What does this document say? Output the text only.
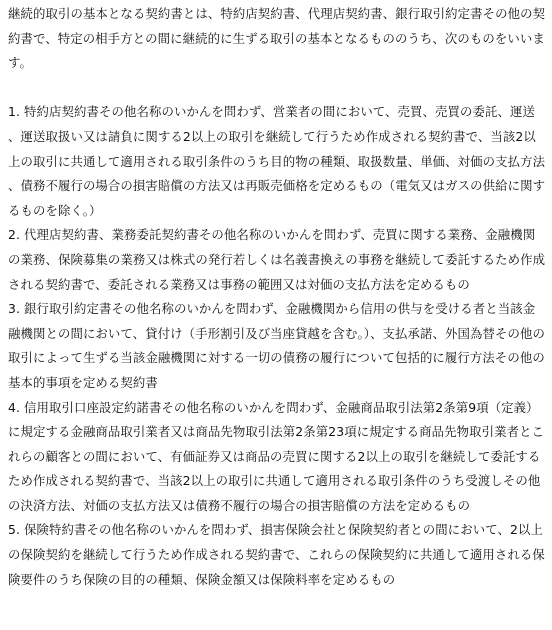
継続的取引の基本となる契約書とは、特約店契約書、代理店契約書、銀行取引約定書その他の契約書で、特定の相手方との間に継続的に生ずる取引の基本となるもののうち、次のものをいいます。

1. 特約店契約書その他名称のいかんを問わず、営業者の間において、売買、売買の委託、運送、運送取扱い又は請負に関する2以上の取引を継続して行うため作成される契約書で、当該2以上の取引に共通して適用される取引条件のうち目的物の種類、取扱数量、単価、対価の支払方法、債務不履行の場合の損害賠償の方法又は再販売価格を定めるもの（電気又はガスの供給に関するものを除く。）

2. 代理店契約書、業務委託契約書その他名称のいかんを問わず、売買に関する業務、金融機関の業務、保険募集の業務又は株式の発行若しくは名義書換えの事務を継続して委託するため作成される契約書で、委託される業務又は事務の範囲又は対価の支払方法を定めるもの

3. 銀行取引約定書その他名称のいかんを問わず、金融機関から信用の供与を受ける者と当該金融機関との間において、貸付け（手形割引及び当座貸越を含む。）、支払承諾、外国為替その他の取引によって生ずる当該金融機関に対する一切の債務の履行について包括的に履行方法その他の基本的事項を定める契約書

4. 信用取引口座設定約諾書その他名称のいかんを問わず、金融商品取引法第2条第9項（定義）に規定する金融商品取引業者又は商品先物取引法第2条第23項に規定する商品先物取引業者とこれらの顧客との間において、有価証券又は商品の売買に関する2以上の取引を継続して委託するため作成される契約書で、当該2以上の取引に共通して適用される取引条件のうち受渡しその他の決済方法、対価の支払方法又は債務不履行の場合の損害賠償の方法を定めるもの

5. 保険特約書その他名称のいかんを問わず、損害保険会社と保険契約者との間において、2以上の保険契約を継続して行うため作成される契約書で、これらの保険契約に共通して適用される保険要件のうち保険の目的の種類、保険金額又は保険料率を定めるもの
